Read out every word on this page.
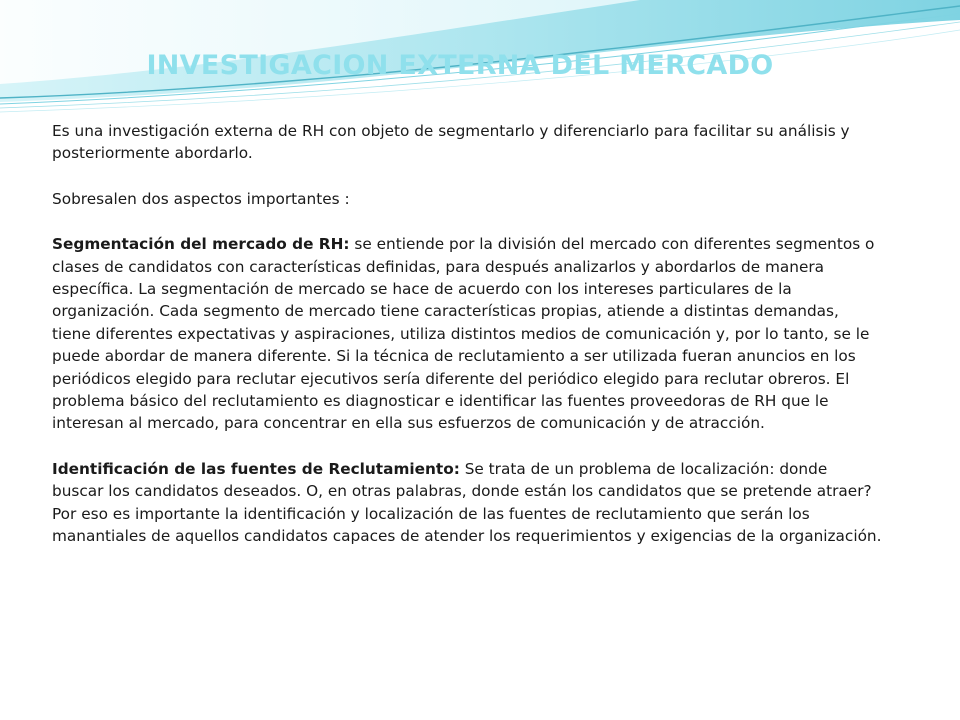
INVESTIGACION EXTERNA DEL MERCADO

Es una investigación externa de RH con objeto de segmentarlo y diferenciarlo para facilitar su análisis y posteriormente abordarlo.

Sobresalen dos aspectos importantes :

Segmentación del mercado de RH: se entiende por la división del mercado con diferentes segmentos o clases de candidatos con características definidas, para después analizarlos y abordarlos de manera específica. La segmentación de mercado se hace de acuerdo con los intereses particulares de la organización. Cada segmento de mercado tiene características propias, atiende a distintas demandas, tiene diferentes expectativas y aspiraciones, utiliza distintos medios de comunicación y, por lo tanto, se le puede abordar de manera diferente. Si la técnica de reclutamiento a ser utilizada fueran anuncios en los periódicos elegido para reclutar ejecutivos sería diferente del periódico elegido para reclutar obreros. El problema básico del reclutamiento es diagnosticar e identificar las fuentes proveedoras de RH que le interesan al mercado, para concentrar en ella sus esfuerzos de comunicación y de atracción.

Identificación de las fuentes de Reclutamiento: Se trata de un problema de localización: donde buscar los candidatos deseados. O, en otras palabras, donde están los candidatos que se pretende atraer? Por eso es importante la identificación y localización de las fuentes de reclutamiento que serán los manantiales de aquellos candidatos capaces de atender los requerimientos y exigencias de la organización.
